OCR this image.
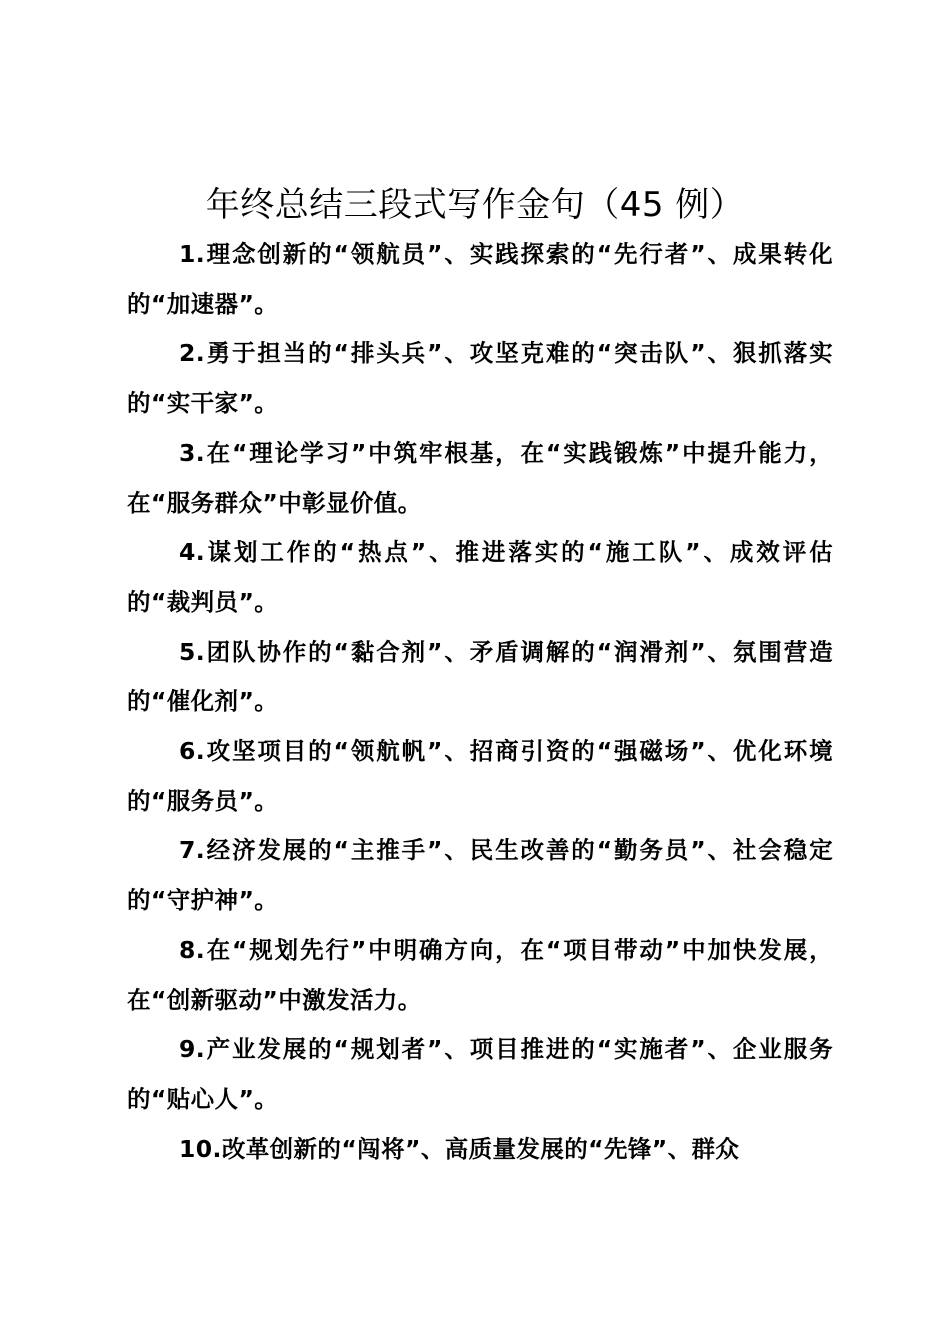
年终总结三段式写作金句（45 例）

1.理念创新的“领航员”、实践探索的“先行者”、成果转化的“加速器”。

2.勇于担当的“排头兵”、攻坚克难的“突击队”、狠抓落实的“实干家”。

3.在“理论学习”中筑牢根基，在“实践锻炼”中提升能力，在“服务群众”中彰显价值。

4.谋划工作的“热点”、推进落实的“施工队”、成效评估的“裁判员”。

5.团队协作的“黏合剂”、矛盾调解的“润滑剂”、氛围营造的“催化剂”。

6.攻坚项目的“领航帆”、招商引资的“强磁场”、优化环境的“服务员”。

7.经济发展的“主推手”、民生改善的“勤务员”、社会稳定的“守护神”。

8.在“规划先行”中明确方向，在“项目带动”中加快发展，在“创新驱动”中激发活力。

9.产业发展的“规划者”、项目推进的“实施者”、企业服务的“贴心人”。

10.改革创新的“闯将”、高质量发展的“先锋”、群众
